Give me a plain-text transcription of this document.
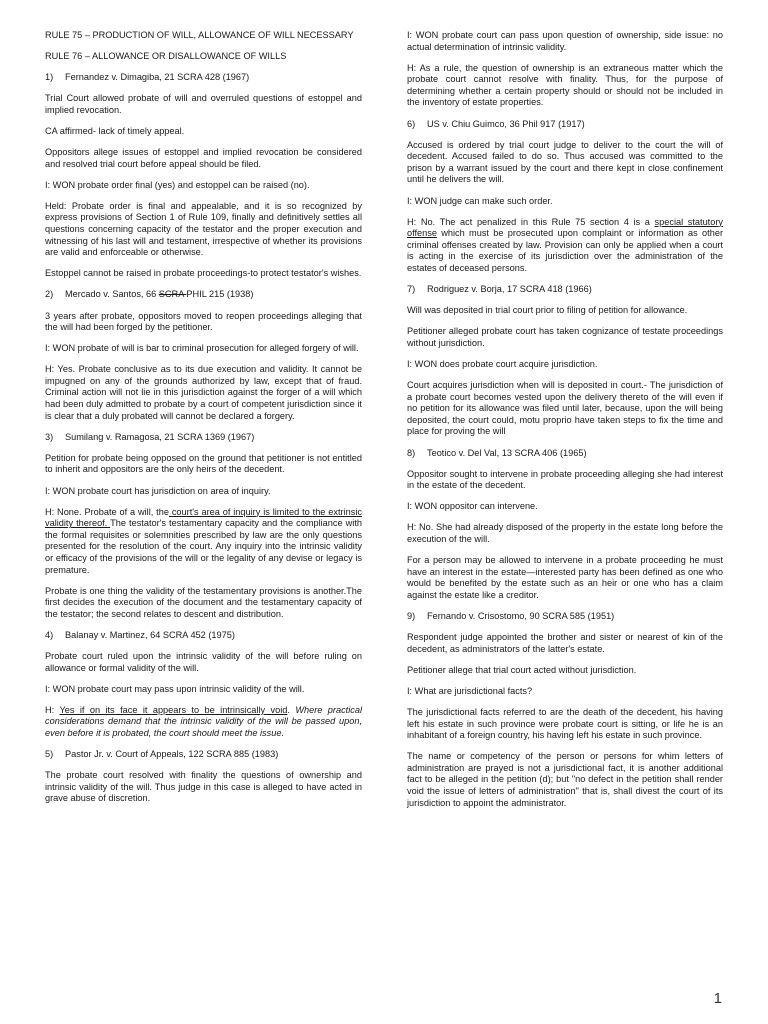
RULE 75 – PRODUCTION OF WILL, ALLOWANCE OF WILL NECESSARY

RULE 76 – ALLOWANCE OR DISALLOWANCE OF WILLS

1) Fernandez v. Dimagiba, 21 SCRA 428 (1967)

Trial Court allowed probate of will and overruled questions of estoppel and implied revocation.

CA affirmed- lack of timely appeal.

Oppositors allege issues of estoppel and implied revocation be considered and resolved trial court before appeal should be filed.

I: WON probate order final (yes) and estoppel can be raised (no).

Held: Probate order is final and appealable, and it is so recognized by express provisions of Section 1 of Rule 109, finally and definitively settles all questions concerning capacity of the testator and the proper execution and witnessing of his last will and testament, irrespective of whether its provisions are valid and enforceable or otherwise.

Estoppel cannot be raised in probate proceedings-to protect testator's wishes.

2) Mercado v. Santos, 66 SCRA PHIL 215 (1938)

3 years after probate, oppositors moved to reopen proceedings alleging that the will had been forged by the petitioner.

I: WON probate of will is bar to criminal prosecution for alleged forgery of will.

H: Yes. Probate conclusive as to its due execution and validity. It cannot be impugned on any of the grounds authorized by law, except that of fraud. Criminal action will not lie in this jurisdiction against the forger of a will which had been duly admitted to probate by a court of competent jurisdiction since it is clear that a duly probated will cannot be declared a forgery.

3) Sumilang v. Ramagosa, 21 SCRA 1369 (1967)

Petition for probate being opposed on the ground that petitioner is not entitled to inherit and oppositors are the only heirs of the decedent.

I: WON probate court has jurisdiction on area of inquiry.

H: None. Probate of a will, the court's area of inquiry is limited to the extrinsic validity thereof. The testator's testamentary capacity and the compliance with the formal requisites or solemnities prescribed by law are the only questions presented for the resolution of the court. Any inquiry into the intrinsic validity or efficacy of the provisions of the will or the legality of any devise or legacy is premature.

Probate is one thing the validity of the testamentary provisions is another.The first decides the execution of the document and the testamentary capacity of the testator; the second relates to descent and distribution.

4) Balanay v. Martinez, 64 SCRA 452 (1975)

Probate court ruled upon the intrinsic validity of the will before ruling on allowance or formal validity of the will.

I: WON probate court may pass upon intrinsic validity of the will.

H: Yes if on its face it appears to be intrinsically void. Where practical considerations demand that the intrinsic validity of the will be passed upon, even before it is probated, the court should meet the issue.

5) Pastor Jr. v. Court of Appeals, 122 SCRA 885 (1983)

The probate court resolved with finality the questions of ownership and intrinsic validity of the will. Thus judge in this case is alleged to have acted in grave abuse of discretion.

I: WON probate court can pass upon question of ownership, side issue: no actual determination of intrinsic validity.

H: As a rule, the question of ownership is an extraneous matter which the probate court cannot resolve with finality. Thus, for the purpose of determining whether a certain property should or should not be included in the inventory of estate properties.

6) US v. Chiu Guimco, 36 Phil 917 (1917)

Accused is ordered by trial court judge to deliver to the court the will of decedent. Accused failed to do so. Thus accused was committed to the prison by a warrant issued by the court and there kept in close confinement until he delivers the will.

I: WON judge can make such order.

H: No. The act penalized in this Rule 75 section 4 is a special statutory offense which must be prosecuted upon complaint or information as other criminal offenses created by law. Provision can only be applied when a court is acting in the exercise of its jurisdiction over the administration of the estates of deceased persons.

7) Rodriguez v. Borja, 17 SCRA 418 (1966)

Will was deposited in trial court prior to filing of petition for allowance.

Petitioner alleged probate court has taken cognizance of testate proceedings without jurisdiction.

I: WON does probate court acquire jurisdiction.

Court acquires jurisdiction when will is deposited in court.- The jurisdiction of a probate court becomes vested upon the delivery thereto of the will even if no petition for its allowance was filed until later, because, upon the will being deposited, the court could, motu proprio have taken steps to fix the time and place for proving the will

8) Teotico v. Del Val, 13 SCRA 406 (1965)

Oppositor sought to intervene in probate proceeding alleging she had interest in the estate of the decedent.

I: WON oppositor can intervene.

H: No. She had already disposed of the property in the estate long before the execution of the will.

For a person may be allowed to intervene in a probate proceeding he must have an interest in the estate—interested party has been defined as one who would be benefited by the estate such as an heir or one who has a claim against the estate like a creditor.

9) Fernando v. Crisostomo, 90 SCRA 585 (1951)

Respondent judge appointed the brother and sister or nearest of kin of the decedent, as administrators of the latter's estate.

Petitioner allege that trial court acted without jurisdiction.

I: What are jurisdictional facts?

The jurisdictional facts referred to are the death of the decedent, his having left his estate in such province were probate court is sitting, or life he is an inhabitant of a foreign country, his having left his estate in such province.

The name or competency of the person or persons for whim letters of administration are prayed is not a jurisdictional fact, it is another additional fact to be alleged in the petition (d); but "no defect in the petition shall render void the issue of letters of administration" that is, shall divest the court of its jurisdiction to appoint the administrator.

1
